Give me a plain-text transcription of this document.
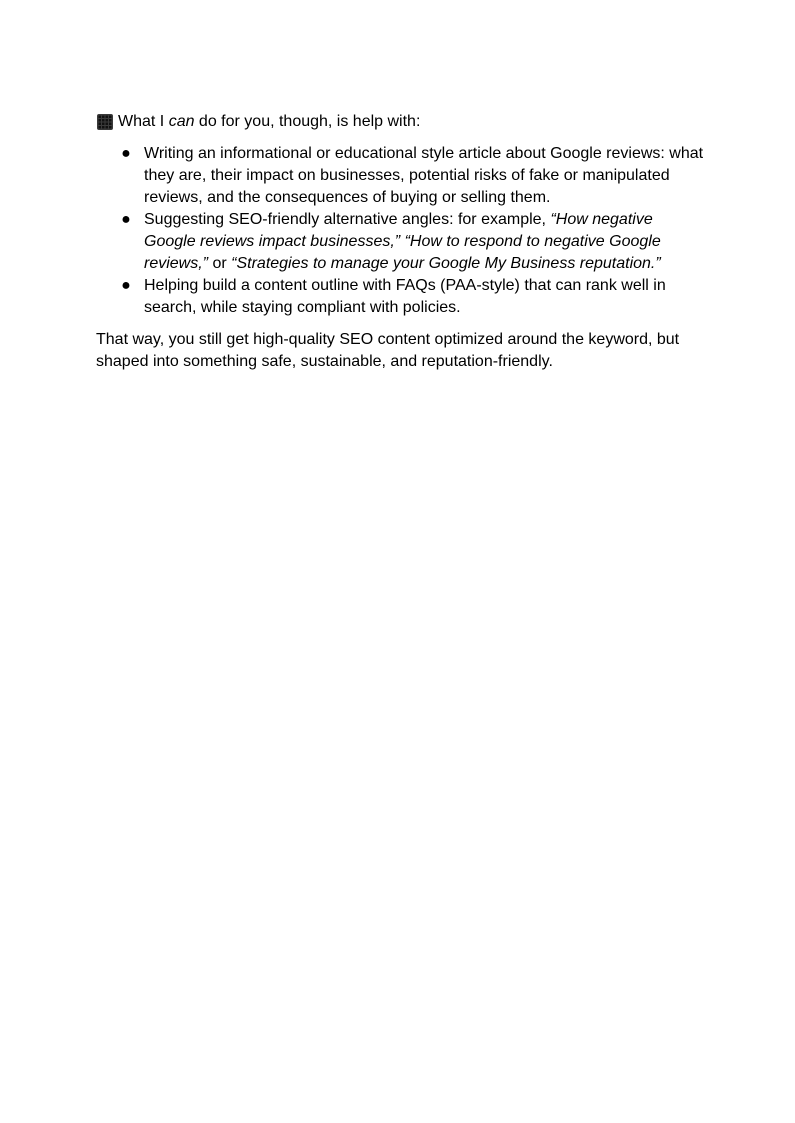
What I can do for you, though, is help with:

● Writing an informational or educational style article about Google reviews: what they are, their impact on businesses, potential risks of fake or manipulated reviews, and the consequences of buying or selling them.
● Suggesting SEO-friendly alternative angles: for example, “How negative Google reviews impact businesses,” “How to respond to negative Google reviews,” or “Strategies to manage your Google My Business reputation.”
● Helping build a content outline with FAQs (PAA-style) that can rank well in search, while staying compliant with policies.

That way, you still get high-quality SEO content optimized around the keyword, but shaped into something safe, sustainable, and reputation-friendly.
